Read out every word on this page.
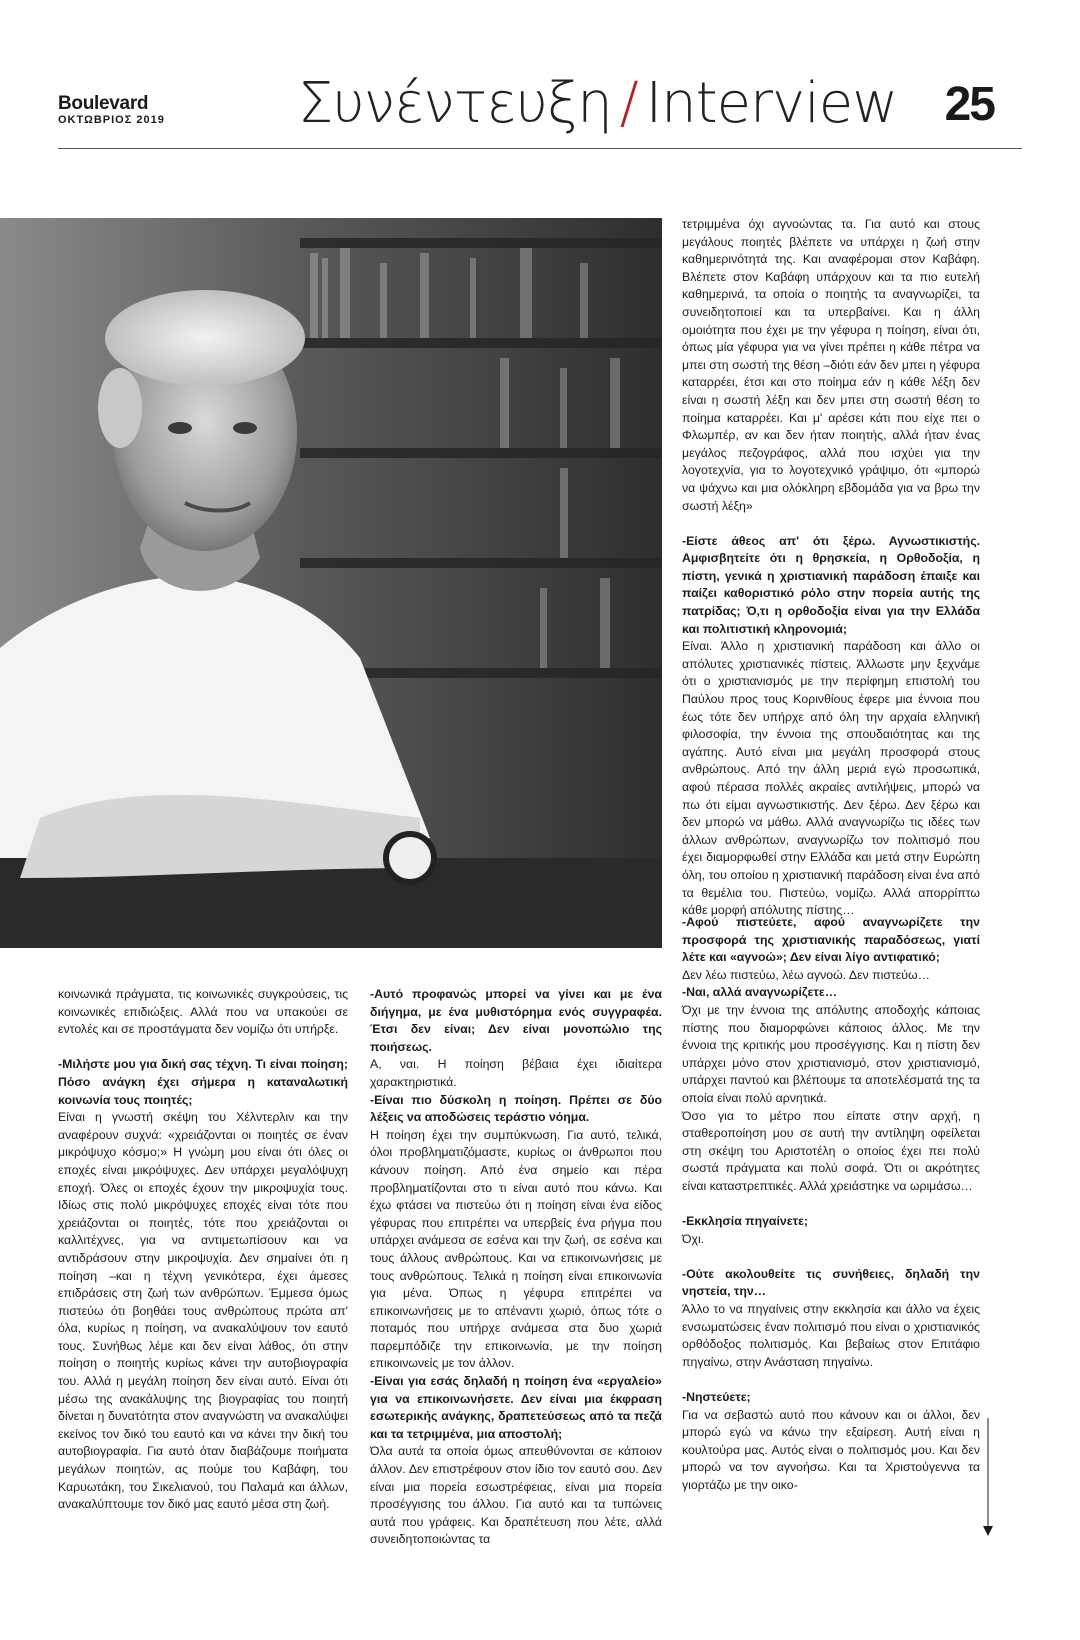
Boulevard
ΟΚΤΩΒΡΙΟΣ 2019 Συνέντευξη / Interview 25

τετριμμένα όχι αγνοώντας τα. Για αυτό και στους μεγάλους ποιητές βλέπετε να υπάρχει η ζωή στην καθημερινότητά της. Και αναφέρομαι στον Καβάφη. Βλέπετε στον Καβάφη υπάρχουν και τα πιο ευτελή καθημερινά, τα οποία ο ποιητής τα αναγνωρίζει, τα συνειδητοποιεί και τα υπερβαίνει. Και η άλλη ομοιότητα που έχει με την γέφυρα η ποίηση, είναι ότι, όπως μία γέφυρα για να γίνει πρέπει η κάθε πέτρα να μπει στη σωστή της θέση –διότι εάν δεν μπει η γέφυρα καταρρέει, έτσι και στο ποίημα εάν η κάθε λέξη δεν είναι η σωστή λέξη και δεν μπει στη σωστή θέση το ποίημα καταρρέει. Και μ' αρέσει κάτι που είχε πει ο Φλωμπέρ, αν και δεν ήταν ποιητής, αλλά ήταν ένας μεγάλος πεζογράφος, αλλά που ισχύει για την λογοτεχνία, για το λογοτεχνικό γράψιμο, ότι «μπορώ να ψάχνω και μια ολόκληρη εβδομάδα για να βρω την σωστή λέξη»

-Είστε άθεος απ' ότι ξέρω. Αγνωστικιστής. Αμφισβητείτε ότι η θρησκεία, η Ορθοδοξία, η πίστη, γενικά η χριστιανική παράδοση έπαιξε και παίζει καθοριστικό ρόλο στην πορεία αυτής της πατρίδας; Ό,τι η ορθοδοξία είναι για την Ελλάδα και πολιτιστική κληρονομιά;

Είναι. Άλλο η χριστιανική παράδοση και άλλο οι απόλυτες χριστιανικές πίστεις. Άλλωστε μην ξεχνάμε ότι ο χριστιανισμός με την περίφημη επιστολή του Παύλου προς τους Κορινθίους έφερε μια έννοια που έως τότε δεν υπήρχε από όλη την αρχαία ελληνική φιλοσοφία, την έννοια της σπουδαιότητας και της αγάπης. Αυτό είναι μια μεγάλη προσφορά στους ανθρώπους. Από την άλλη μεριά εγώ προσωπικά, αφού πέρασα πολλές ακραίες αντιλήψεις, μπορώ να πω ότι είμαι αγνωστικιστής. Δεν ξέρω. Δεν ξέρω και δεν μπορώ να μάθω. Αλλά αναγνωρίζω τις ιδέες των άλλων ανθρώπων, αναγνωρίζω τον πολιτισμό που έχει διαμορφωθεί στην Ελλάδα και μετά στην Ευρώπη όλη, του οποίου η χριστιανική παράδοση είναι ένα από τα θεμέλια του. Πιστεύω, νομίζω. Αλλά απορρίπτω κάθε μορφή απόλυτης πίστης…

κοινωνικά πράγματα, τις κοινωνικές συγκρούσεις, τις κοινωνικές επιδιώξεις. Αλλά που να υπακούει σε εντολές και σε προστάγματα δεν νομίζω ότι υπήρξε.

-Μιλήστε μου για δική σας τέχνη. Τι είναι ποίηση; Πόσο ανάγκη έχει σήμερα η καταναλωτική κοινωνία τους ποιητές;

Είναι η γνωστή σκέψη του Χέλντερλιν και την αναφέρουν συχνά: «χρειάζονται οι ποιητές σε έναν μικρόψυχο κόσμο;» Η γνώμη μου είναι ότι όλες οι εποχές είναι μικρόψυχες. Δεν υπάρχει μεγαλόψυχη εποχή. Όλες οι εποχές έχουν την μικροψυχία τους. Ιδίως στις πολύ μικρόψυχες εποχές είναι τότε που χρειάζονται οι ποιητές, τότε που χρειάζονται οι καλλιτέχνες, για να αντιμετωπίσουν και να αντιδράσουν στην μικροψυχία. Δεν σημαίνει ότι η ποίηση –και η τέχνη γενικότερα, έχει άμεσες επιδράσεις στη ζωή των ανθρώπων. Έμμεσα όμως πιστεύω ότι βοηθάει τους ανθρώπους πρώτα απ' όλα, κυρίως η ποίηση, να ανακαλύψουν τον εαυτό τους. Συνήθως λέμε και δεν είναι λάθος, ότι στην ποίηση ο ποιητής κυρίως κάνει την αυτοβιογραφία του. Αλλά η μεγάλη ποίηση δεν είναι αυτό. Είναι ότι μέσω της ανακάλυψης της βιογραφίας του ποιητή δίνεται η δυνατότητα στον αναγνώστη να ανακαλύψει εκείνος τον δικό του εαυτό και να κάνει την δική του αυτοβιογραφία. Για αυτό όταν διαβάζουμε ποιήματα μεγάλων ποιητών, ας πούμε του Καβάφη, του Καρυωτάκη, του Σικελιανού, του Παλαμά και άλλων, ανακαλύπτουμε τον δικό μας εαυτό μέσα στη ζωή.

-Αυτό προφανώς μπορεί να γίνει και με ένα διήγημα, με ένα μυθιστόρημα ενός συγγραφέα. Έτσι δεν είναι; Δεν είναι μονοπώλιο της ποιήσεως.

Α, ναι. Η ποίηση βέβαια έχει ιδιαίτερα χαρακτηριστικά.

-Είναι πιο δύσκολη η ποίηση. Πρέπει σε δύο λέξεις να αποδώσεις τεράστιο νόημα.

Η ποίηση έχει την συμπύκνωση. Για αυτό, τελικά, όλοι προβληματιζόμαστε, κυρίως οι άνθρωποι που κάνουν ποίηση. Από ένα σημείο και πέρα προβληματίζονται στο τι είναι αυτό που κάνω. Και έχω φτάσει να πιστεύω ότι η ποίηση είναι ένα είδος γέφυρας που επιτρέπει να υπερβείς ένα ρήγμα που υπάρχει ανάμεσα σε εσένα και την ζωή, σε εσένα και τους άλλους ανθρώπους. Και να επικοινωνήσεις με τους ανθρώπους. Τελικά η ποίηση είναι επικοινωνία για μένα. Όπως η γέφυρα επιτρέπει να επικοινωνήσεις με το απέναντι χωριό, όπως τότε ο ποταμός που υπήρχε ανάμεσα στα δυο χωριά παρεμπόδιζε την επικοινωνία, με την ποίηση επικοινωνείς με τον άλλον.

-Είναι για εσάς δηλαδή η ποίηση ένα «εργαλείο» για να επικοινωνήσετε. Δεν είναι μια έκφραση εσωτερικής ανάγκης, δραπετεύσεως από τα πεζά και τα τετριμμένα, μια αποστολή;

Όλα αυτά τα οποία όμως απευθύνονται σε κάποιον άλλον. Δεν επιστρέφουν στον ίδιο τον εαυτό σου. Δεν είναι μια πορεία εσωστρέφειας, είναι μια πορεία προσέγγισης του άλλου. Για αυτό και τα τυπώνεις αυτά που γράφεις. Και δραπέτευση που λέτε, αλλά συνειδητοποιώντας τα

-Αφού πιστεύετε, αφού αναγνωρίζετε την προσφορά της χριστιανικής παραδόσεως, γιατί λέτε και «αγνοώ»; Δεν είναι λίγο αντιφατικό;

Δεν λέω πιστεύω, λέω αγνοώ. Δεν πιστεύω…

-Ναι, αλλά αναγνωρίζετε…

Όχι με την έννοια της απόλυτης αποδοχής κάποιας πίστης που διαμορφώνει κάποιος άλλος. Με την έννοια της κριτικής μου προσέγγισης. Και η πίστη δεν υπάρχει μόνο στον χριστιανισμό, στον χριστιανισμό, υπάρχει παντού και βλέπουμε τα αποτελέσματά της τα οποία είναι πολύ αρνητικά.

Όσο για το μέτρο που είπατε στην αρχή, η σταθεροποίηση μου σε αυτή την αντίληψη οφείλεται στη σκέψη του Αριστοτέλη ο οποίος έχει πει πολύ σωστά πράγματα και πολύ σοφά. Ότι οι ακρότητες είναι καταστρεπτικές. Αλλά χρειάστηκε να ωριμάσω…

-Εκκλησία πηγαίνετε;

Όχι.

-Ούτε ακολουθείτε τις συνήθειες, δηλαδή την νηστεία, την…

Άλλο το να πηγαίνεις στην εκκλησία και άλλο να έχεις ενσωματώσεις έναν πολιτισμό που είναι ο χριστιανικός ορθόδοξος πολιτισμός. Και βεβαίως στον Επιτάφιο πηγαίνω, στην Ανάσταση πηγαίνω.

-Νηστεύετε;

Για να σεβαστώ αυτό που κάνουν και οι άλλοι, δεν μπορώ εγώ να κάνω την εξαίρεση. Αυτή είναι η κουλτούρα μας. Αυτός είναι ο πολιτισμός μου. Και δεν μπορώ να τον αγνοήσω. Και τα Χριστούγεννα τα γιορτάζω με την οικο-
